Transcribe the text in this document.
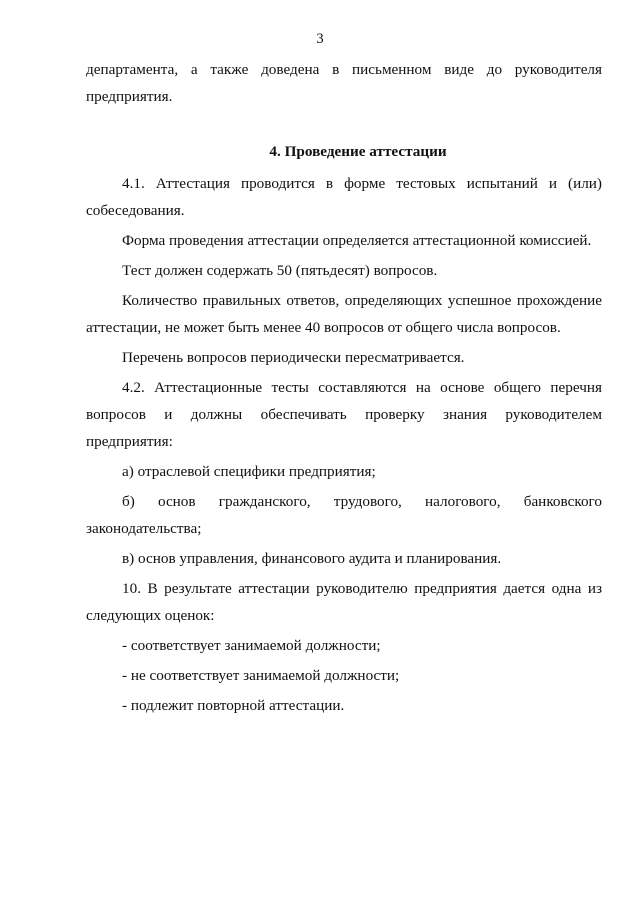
3

департамента, а также доведена в письменном виде до руководителя предприятия.

4. Проведение аттестации

4.1. Аттестация проводится в форме тестовых испытаний и (или) собеседования.

Форма проведения аттестации определяется аттестационной комиссией.

Тест должен содержать 50 (пятьдесят) вопросов.

Количество правильных ответов, определяющих успешное прохождение аттестации, не может быть менее 40 вопросов от общего числа вопросов.

Перечень вопросов периодически пересматривается.

4.2. Аттестационные тесты составляются на основе общего перечня вопросов и должны обеспечивать проверку знания руководителем предприятия:

а) отраслевой специфики предприятия;

б) основ гражданского, трудового, налогового, банковского

законодательства;

в) основ управления, финансового аудита и планирования.

10. В результате аттестации руководителю предприятия дается одна из следующих оценок:

- соответствует занимаемой должности;

- не соответствует занимаемой должности;

- подлежит повторной аттестации.
